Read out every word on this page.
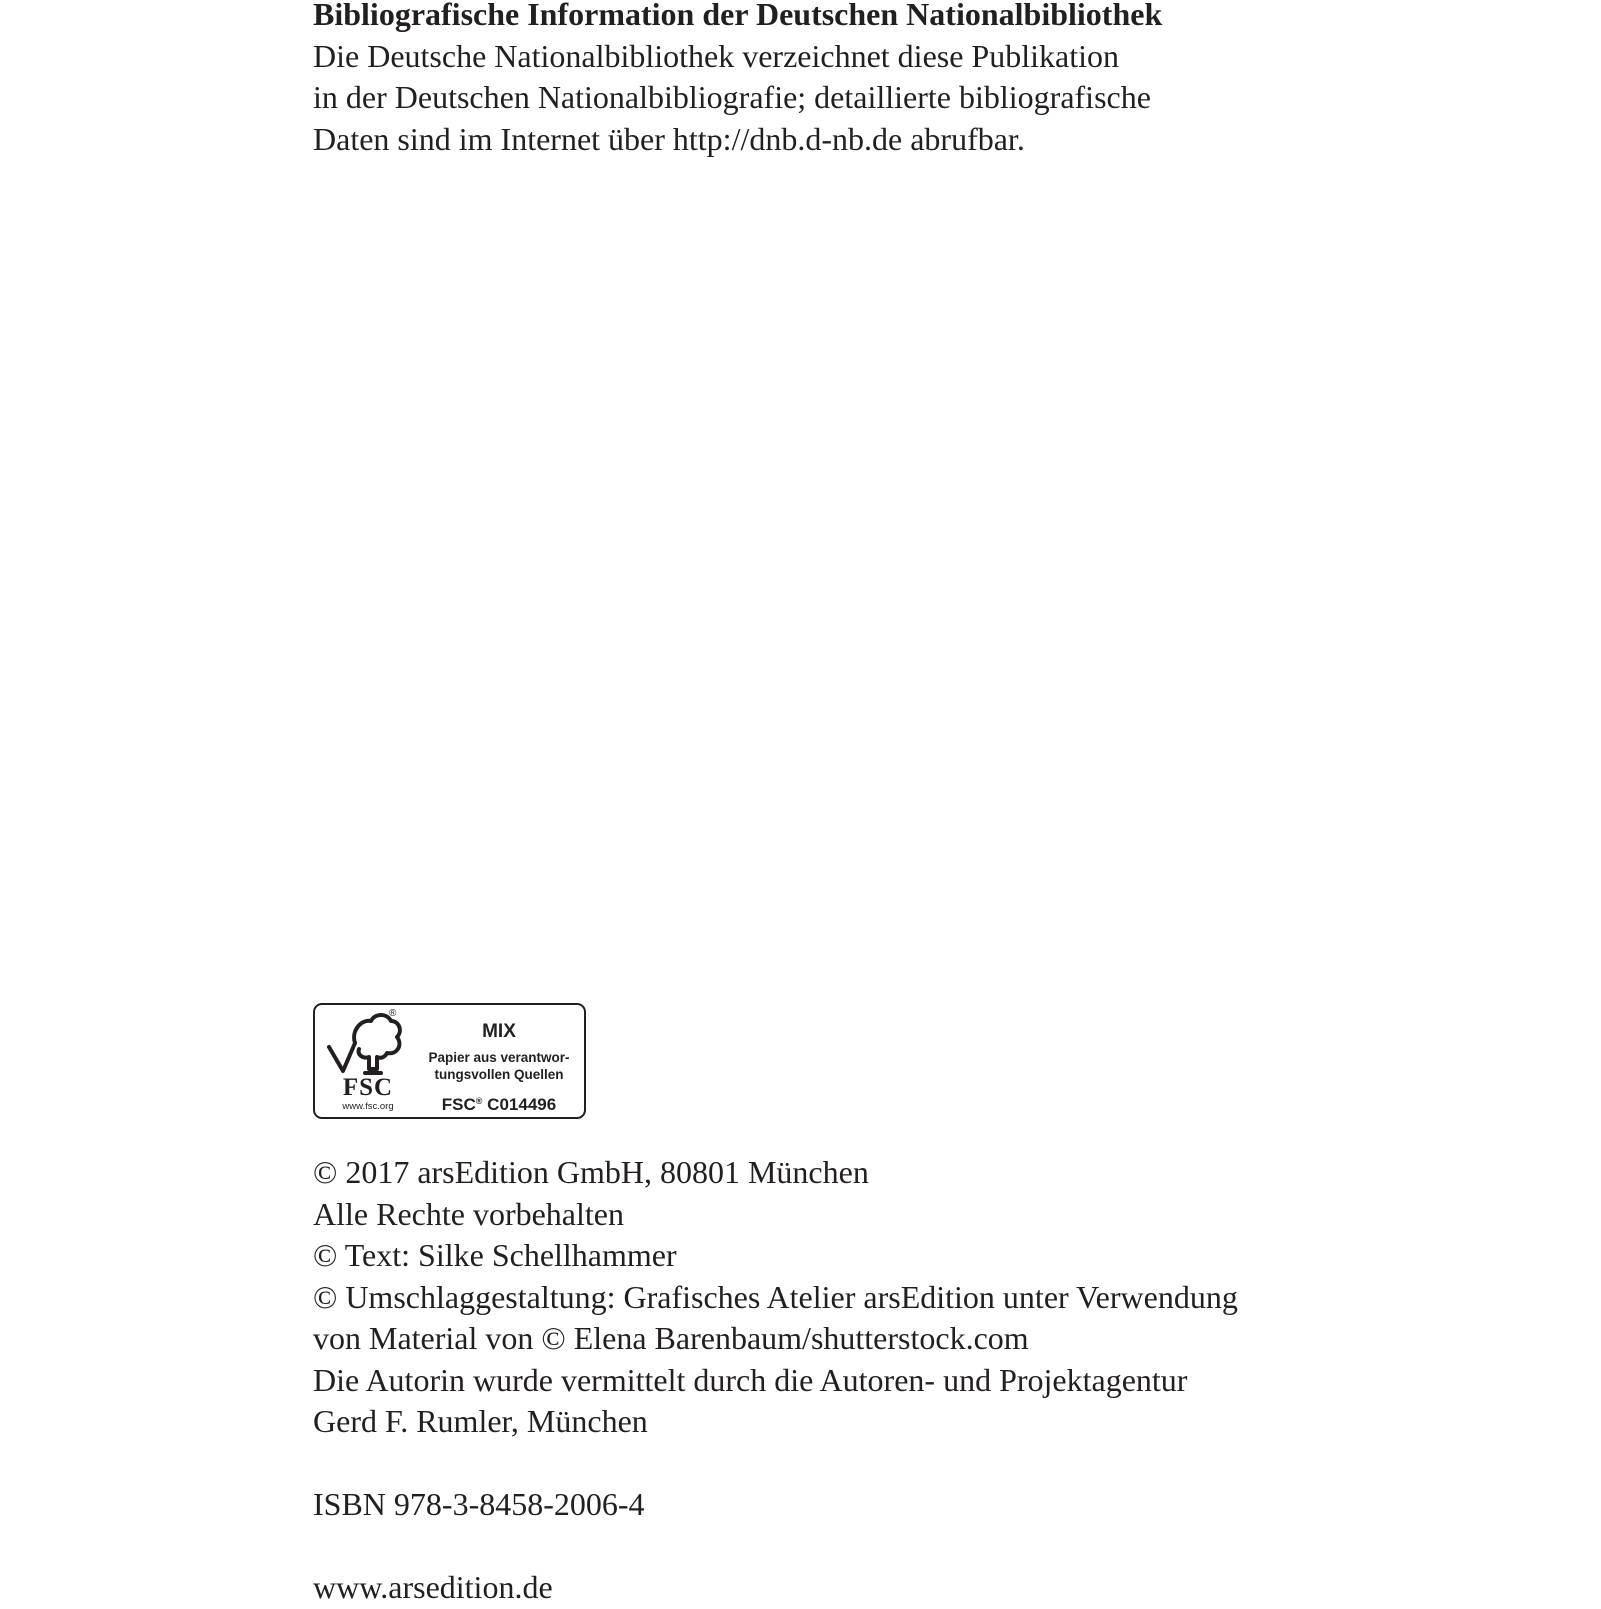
Bibliografische Information der Deutschen Nationalbibliothek
Die Deutsche Nationalbibliothek verzeichnet diese Publikation
in der Deutschen Nationalbibliografie; detaillierte bibliografische
Daten sind im Internet über http://dnb.d-nb.de abrufbar.
®
FSC
www.fsc.org
MIX
Papier aus verantwor-
tungsvollen Quellen
FSC® C014496
© 2017 arsEdition GmbH, 80801 München
Alle Rechte vorbehalten
© Text: Silke Schellhammer
© Umschlaggestaltung: Grafisches Atelier arsEdition unter Verwendung
von Material von © Elena Barenbaum/shutterstock.com
Die Autorin wurde vermittelt durch die Autoren- und Projektagentur
Gerd F. Rumler, München
ISBN 978-3-8458-2006-4
www.arsedition.de
